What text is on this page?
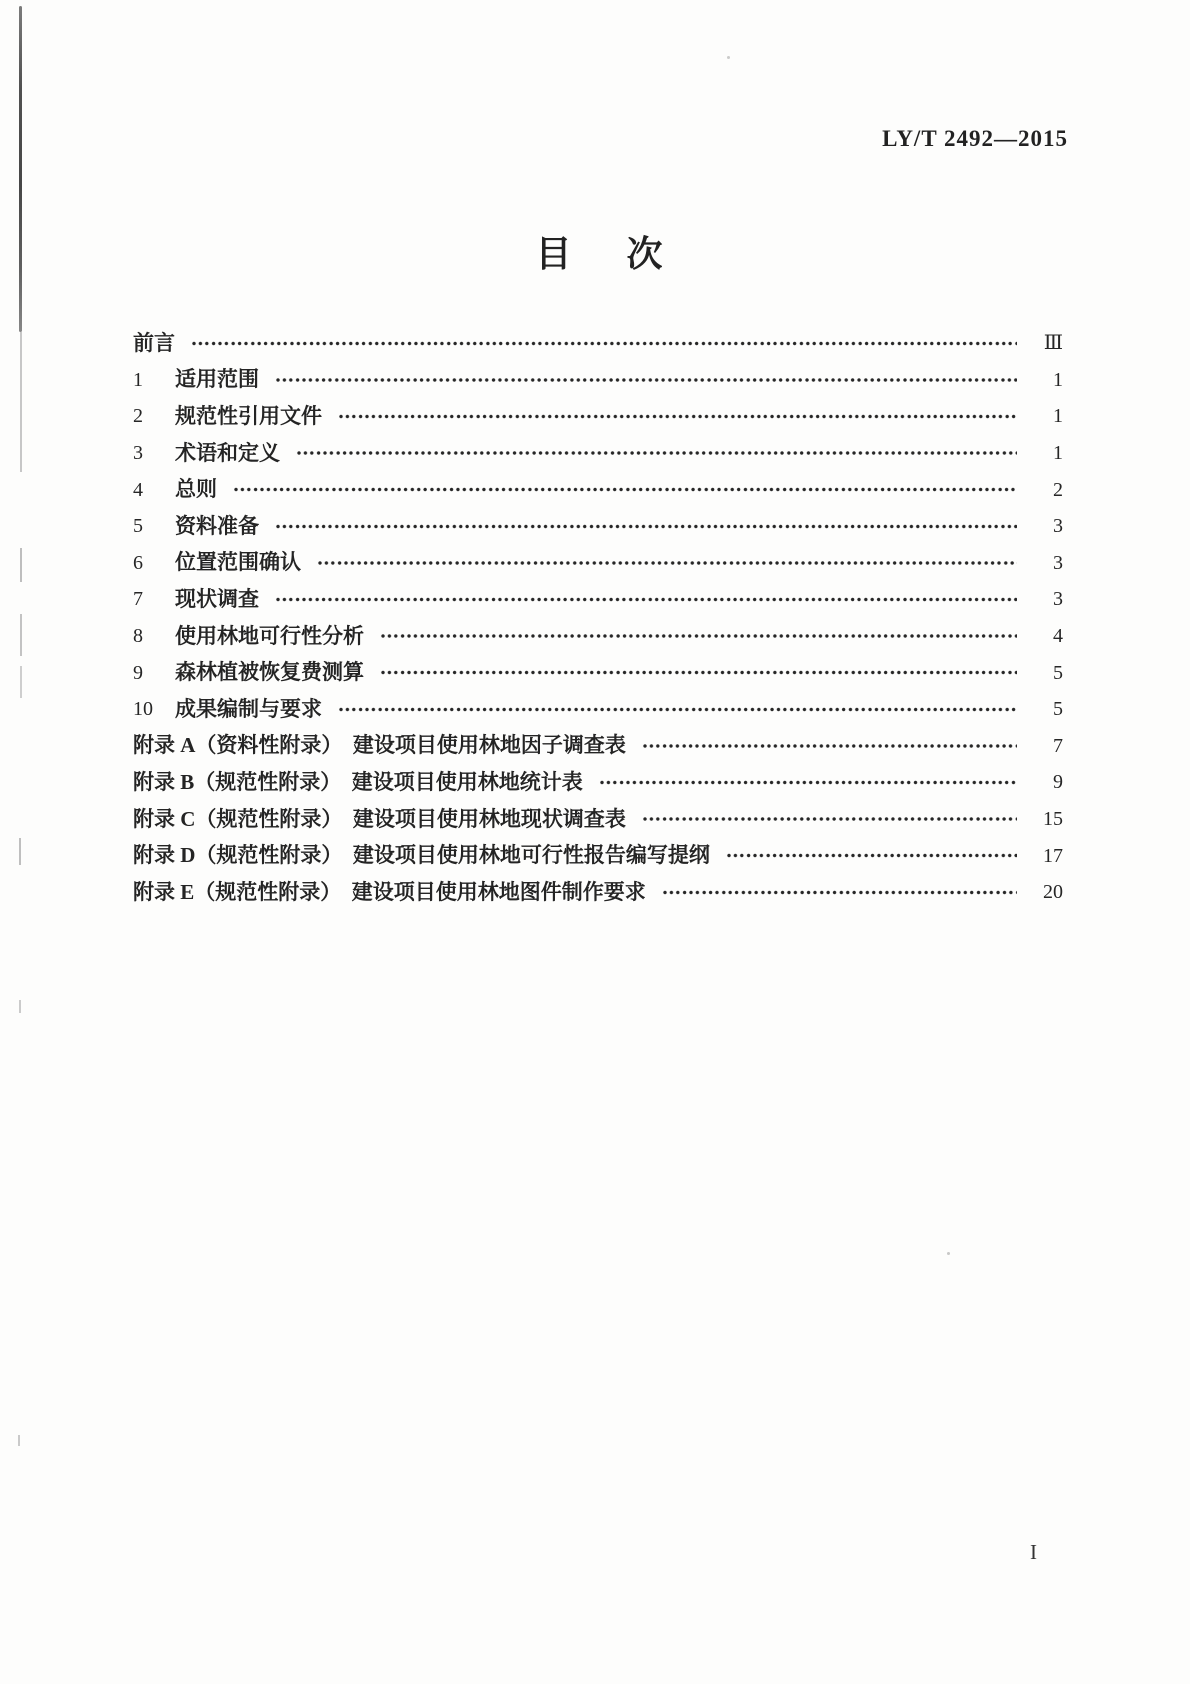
LY/T 2492—2015
目次
前言	Ⅲ
1	适用范围	1
2	规范性引用文件	1
3	术语和定义	1
4	总则	2
5	资料准备	3
6	位置范围确认	3
7	现状调查	3
8	使用林地可行性分析	4
9	森林植被恢复费测算	5
10	成果编制与要求	5
附录 A（资料性附录）　建设项目使用林地因子调查表	7
附录 B（规范性附录）　建设项目使用林地统计表	9
附录 C（规范性附录）　建设项目使用林地现状调查表	15
附录 D（规范性附录）　建设项目使用林地可行性报告编写提纲	17
附录 E（规范性附录）　建设项目使用林地图件制作要求	20
I
